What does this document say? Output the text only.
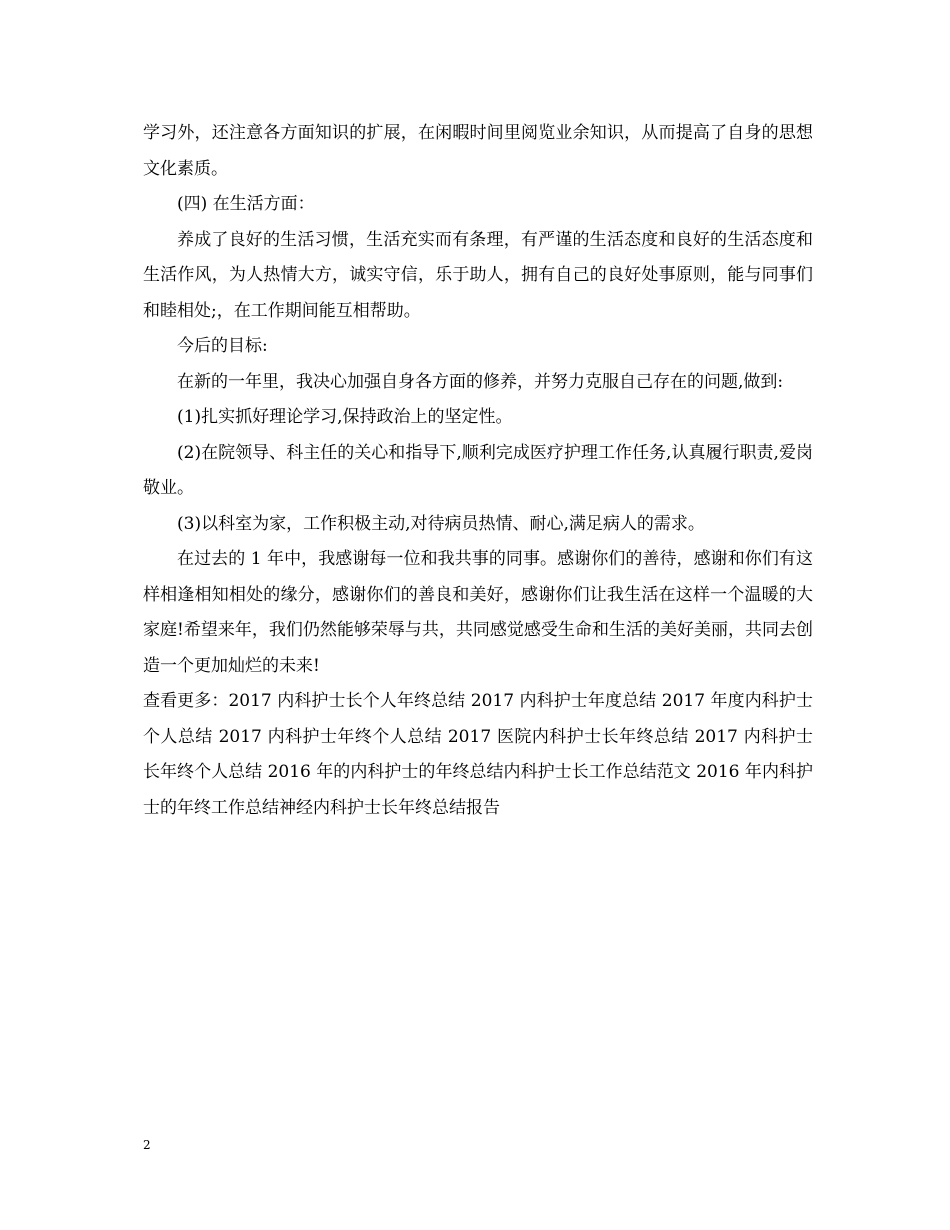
学习外，还注意各方面知识的扩展，在闲暇时间里阅览业余知识，从而提高了自身的思想文化素质。

(四) 在生活方面：

养成了良好的生活习惯，生活充实而有条理，有严谨的生活态度和良好的生活态度和生活作风，为人热情大方，诚实守信，乐于助人，拥有自己的良好处事原则，能与同事们和睦相处;，在工作期间能互相帮助。

今后的目标:

在新的一年里，我决心加强自身各方面的修养，并努力克服自己存在的问题,做到:

(1)扎实抓好理论学习,保持政治上的坚定性。

(2)在院领导、科主任的关心和指导下,顺利完成医疗护理工作任务,认真履行职责,爱岗敬业。

(3)以科室为家，工作积极主动,对待病员热情、耐心,满足病人的需求。

在过去的 1 年中，我感谢每一位和我共事的同事。感谢你们的善待，感谢和你们有这样相逢相知相处的缘分，感谢你们的善良和美好，感谢你们让我生活在这样一个温暖的大家庭!希望来年，我们仍然能够荣辱与共，共同感觉感受生命和生活的美好美丽，共同去创造一个更加灿烂的未来!

查看更多：2017 内科护士长个人年终总结 2017 内科护士年度总结 2017 年度内科护士个人总结 2017 内科护士年终个人总结 2017 医院内科护士长年终总结 2017 内科护士长年终个人总结 2016 年的内科护士的年终总结内科护士长工作总结范文 2016 年内科护士的年终工作总结神经内科护士长年终总结报告

2
